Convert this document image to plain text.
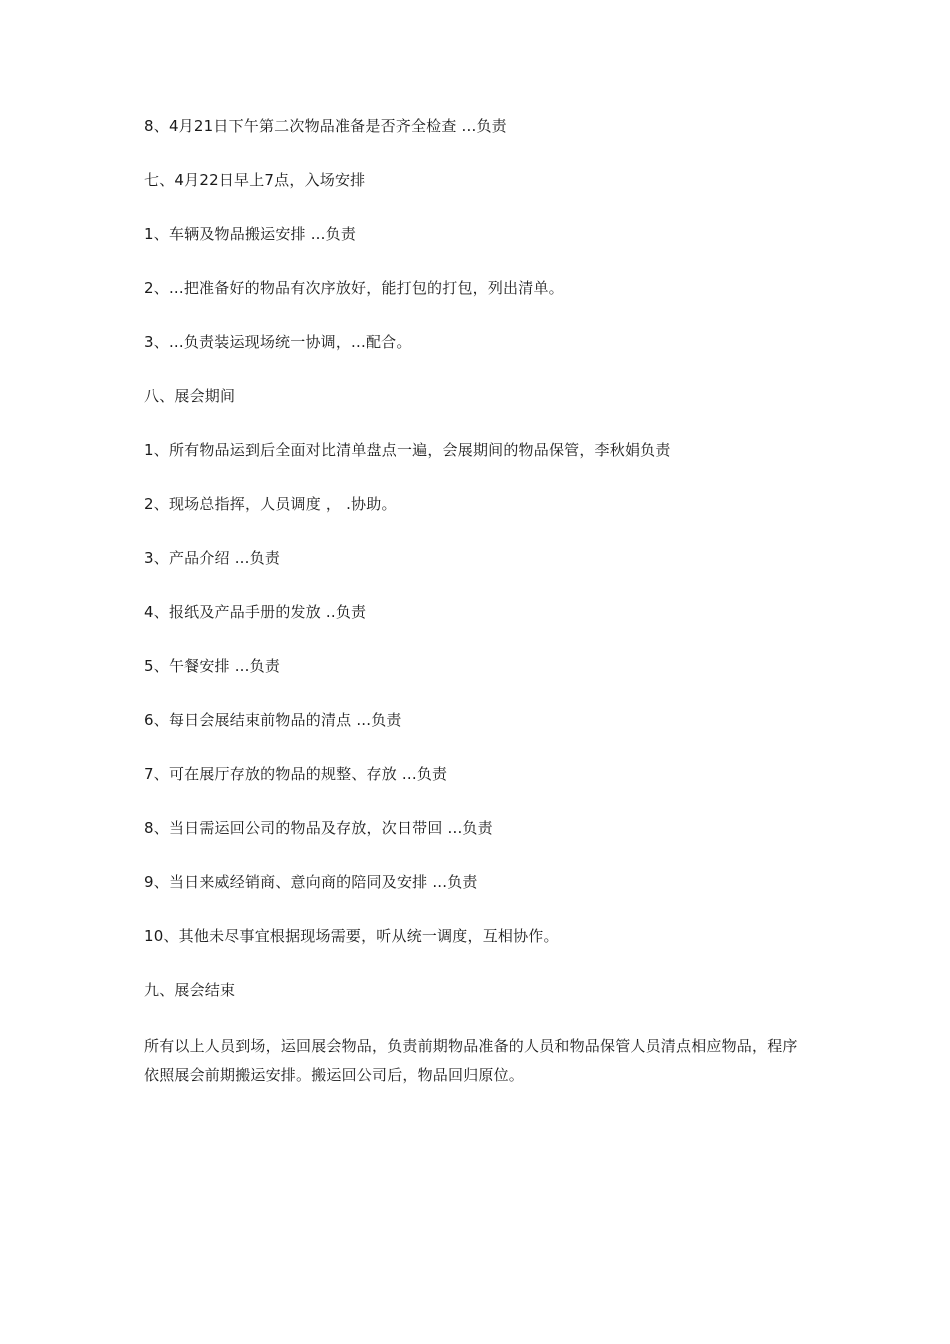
8、4月21日下午第二次物品准备是否齐全检查 ...负责
七、4月22日早上7点，入场安排
1、车辆及物品搬运安排 ...负责
2、...把准备好的物品有次序放好，能打包的打包，列出清单。
3、...负责装运现场统一协调，...配合。
八、展会期间
1、所有物品运到后全面对比清单盘点一遍，会展期间的物品保管，李秋娟负责
2、现场总指挥，人员调度 ， .协助。
3、产品介绍 ...负责
4、报纸及产品手册的发放 ..负责
5、午餐安排 ...负责
6、每日会展结束前物品的清点 ...负责
7、可在展厅存放的物品的规整、存放 ...负责
8、当日需运回公司的物品及存放，次日带回 ...负责
9、当日来威经销商、意向商的陪同及安排 ...负责
10、其他未尽事宜根据现场需要，听从统一调度，互相协作。
九、展会结束
所有以上人员到场，运回展会物品，负责前期物品准备的人员和物品保管人员清点相应物品，程序依照展会前期搬运安排。搬运回公司后，物品回归原位。
